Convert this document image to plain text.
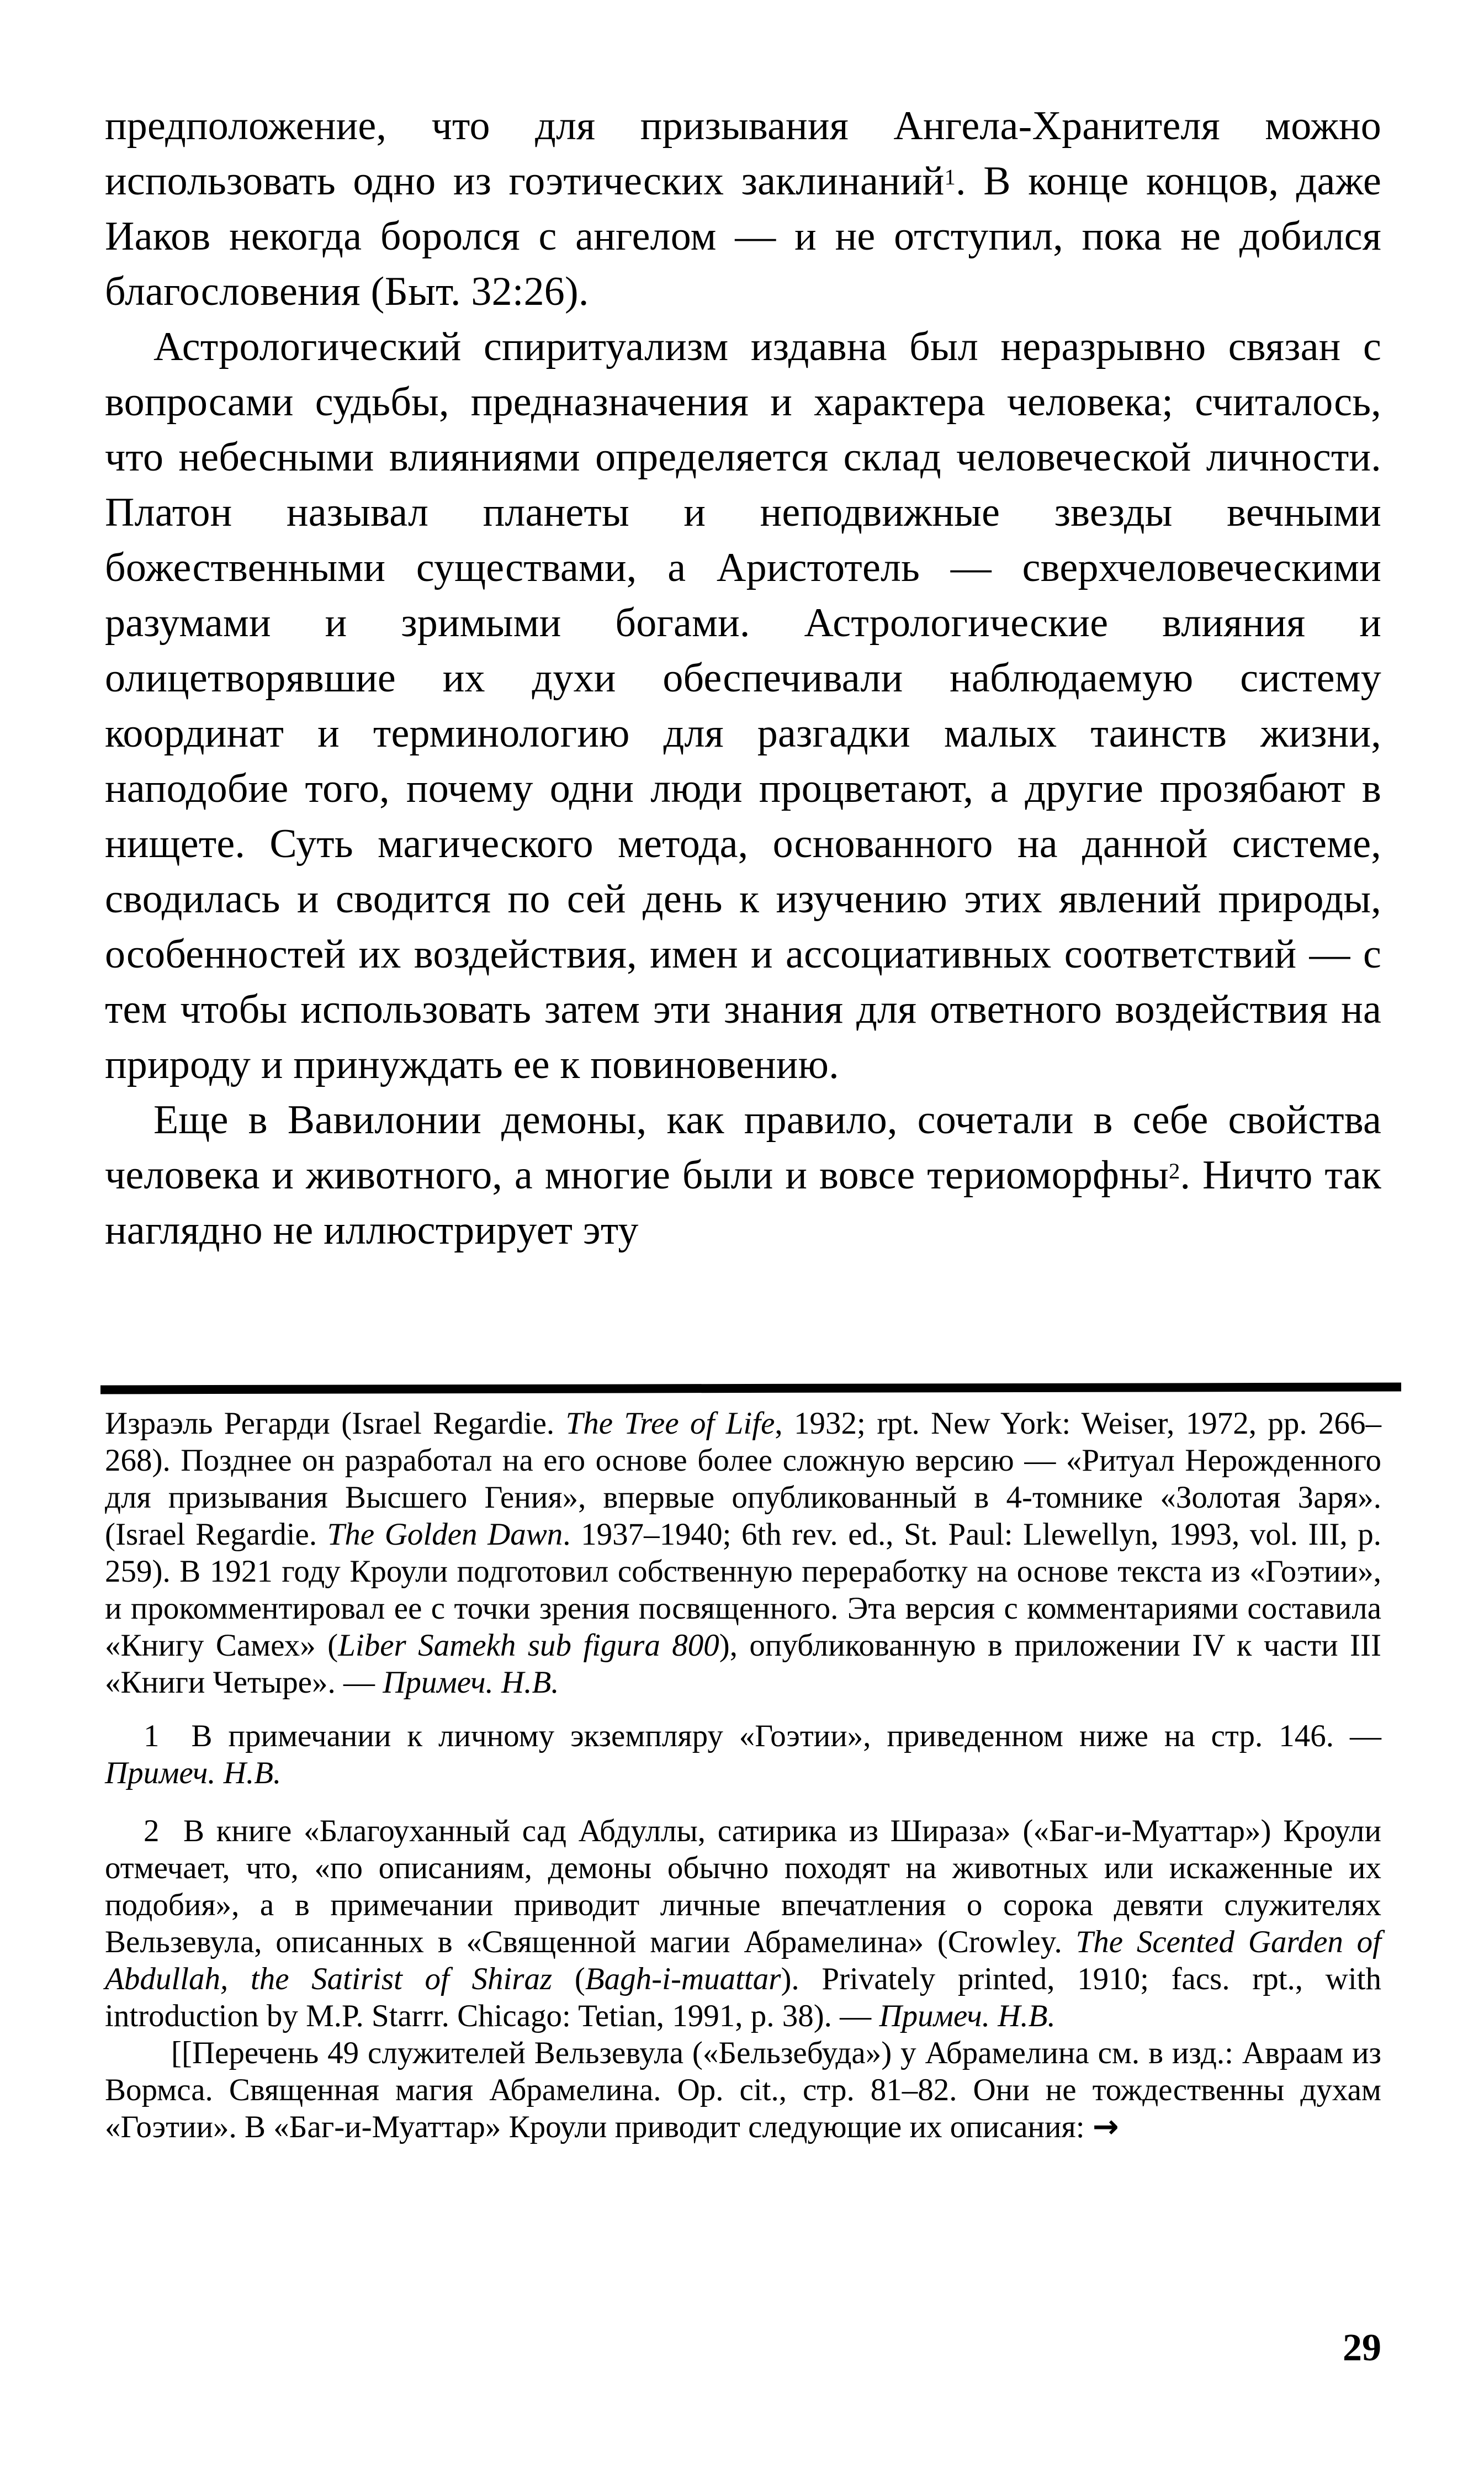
предположение, что для призывания Ангела-Хранителя можно использовать одно из гоэтических заклинаний$^1$. В конце концов, даже Иаков некогда боролся с ангелом — и не отступил, пока не добился благословения (Быт. 32:26).

Астрологический спиритуализм издавна был неразрывно связан с вопросами судьбы, предназначения и характера человека; считалось, что небесными влияниями определяется склад человеческой личности. Платон называл планеты и неподвижные звезды вечными божественными существами, а Аристотель — сверхчеловеческими разумами и зримыми богами. Астрологические влияния и олицетворявшие их духи обеспечивали наблюдаемую систему координат и терминологию для разгадки малых таинств жизни, наподобие того, почему одни люди процветают, а другие прозябают в нищете. Суть магического метода, основанного на данной системе, сводилась и сводится по сей день к изучению этих явлений природы, особенностей их воздействия, имен и ассоциативных соответствий — с тем чтобы использовать затем эти знания для ответного воздействия на природу и принуждать ее к повиновению.

Еще в Вавилонии демоны, как правило, сочетали в себе свойства человека и животного, а многие были и вовсе териоморфны$^2$. Ничто так наглядно не иллюстрирует эту

Израэль Регарди (Israel Regardie. The Tree of Life, 1932; rpt. New York: Weiser, 1972, pp. 266–268). Позднее он разработал на его основе более сложную версию — «Ритуал Нерожденного для призывания Высшего Гения», впервые опубликованный в 4-томнике «Золотая Заря». (Israel Regardie. The Golden Dawn. 1937–1940; 6th rev. ed., St. Paul: Llewellyn, 1993, vol. III, p. 259). В 1921 году Кроули подготовил собственную переработку на основе текста из «Гоэтии», и прокомментировал ее с точки зрения посвященного. Эта версия с комментариями составила «Книгу Самех» (Liber Samekh sub figura 800), опубликованную в приложении IV к части III «Книги Четыре». — Примеч. Н.В.

1  В примечании к личному экземпляру «Гоэтии», приведенном ниже на стр. 146. — Примеч. Н.В.

2  В книге «Благоуханный сад Абдуллы, сатирика из Шираза» («Баг-и-Муаттар») Кроули отмечает, что, «по описаниям, демоны обычно походят на животных или искаженные их подобия», а в примечании приводит личные впечатления о сорока девяти служителях Вельзевула, описанных в «Священной магии Абрамелина» (Crowley. The Scented Garden of Abdullah, the Satirist of Shiraz (Bagh-i-muattar). Privately printed, 1910; facs. rpt., with introduction by M.P. Starrr. Chicago: Tetian, 1991, p. 38). — Примеч. Н.В.

[[Перечень 49 служителей Вельзевула («Бельзебуда») у Абрамелина см. в изд.: Авраам из Вормса. Священная магия Абрамелина. Op. cit., стр. 81–82. Они не тождественны духам «Гоэтии». В «Баг-и-Муаттар» Кроули приводит следующие их описания: →

29
